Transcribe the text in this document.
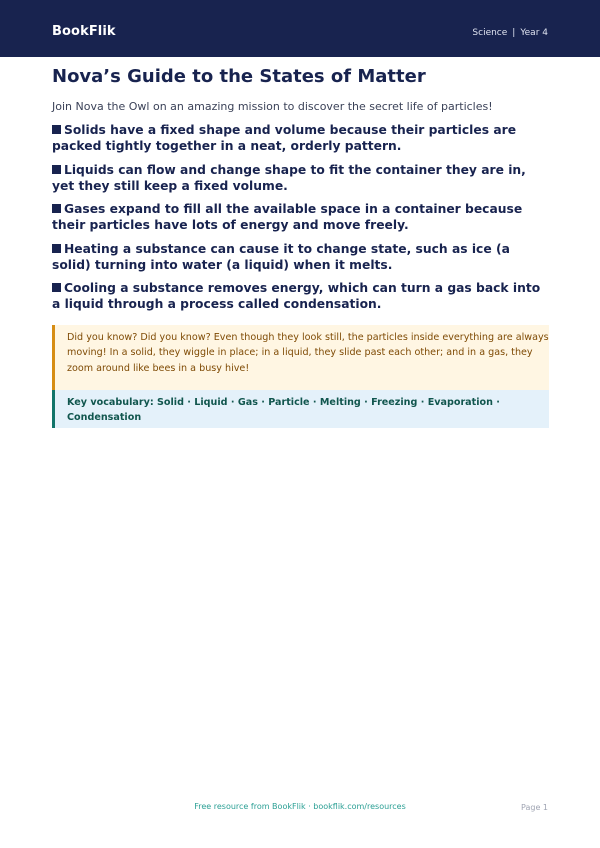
BookFlik	Science | Year 4
Nova’s Guide to the States of Matter

Join Nova the Owl on an amazing mission to discover the secret life of particles!

Solids have a fixed shape and volume because their particles are packed tightly together in a neat, orderly pattern.
Liquids can flow and change shape to fit the container they are in, yet they still keep a fixed volume.
Gases expand to fill all the available space in a container because their particles have lots of energy and move freely.
Heating a substance can cause it to change state, such as ice (a solid) turning into water (a liquid) when it melts.
Cooling a substance removes energy, which can turn a gas back into a liquid through a process called condensation.
Did you know? Did you know? Even though they look still, the particles inside everything are always moving! In a solid, they wiggle in place; in a liquid, they slide past each other; and in a gas, they zoom around like bees in a busy hive!
Key vocabulary: Solid · Liquid · Gas · Particle · Melting · Freezing · Evaporation · Condensation
Free resource from BookFlik · bookflik.com/resources	Page 1
